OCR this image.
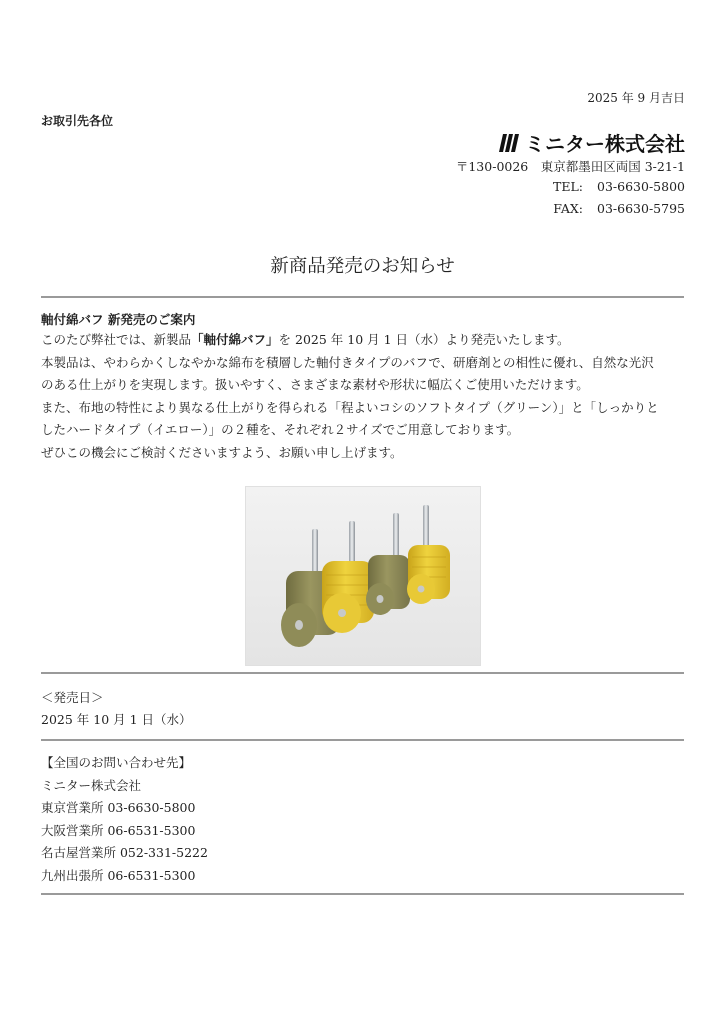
2025 年 9 月吉日
お取引先各位
ミニター株式会社
〒130-0026　東京都墨田区両国 3-21-1
TEL: 03-6630-5800
FAX: 03-6630-5795
新商品発売のお知らせ
軸付綿バフ 新発売のご案内

このたび弊社では、新製品「軸付綿バフ」を 2025 年 10 月 1 日（水）より発売いたします。

本製品は、やわらかくしなやかな綿布を積層した軸付きタイプのバフで、研磨剤との相性に優れ、自然な光沢

のある仕上がりを実現します。扱いやすく、さまざまな素材や形状に幅広くご使用いただけます。

また、布地の特性により異なる仕上がりを得られる「程よいコシのソフトタイプ（グリーン）」と「しっかりと

したハードタイプ（イエロー）」の２種を、それぞれ２サイズでご用意しております。

ぜひこの機会にご検討くださいますよう、お願い申し上げます。

＜発売日＞
2025 年 10 月 1 日（水）
【全国のお問い合わせ先】
ミニター株式会社
東京営業所 03-6630-5800
大阪営業所 06-6531-5300
名古屋営業所 052-331-5222
九州出張所 06-6531-5300
